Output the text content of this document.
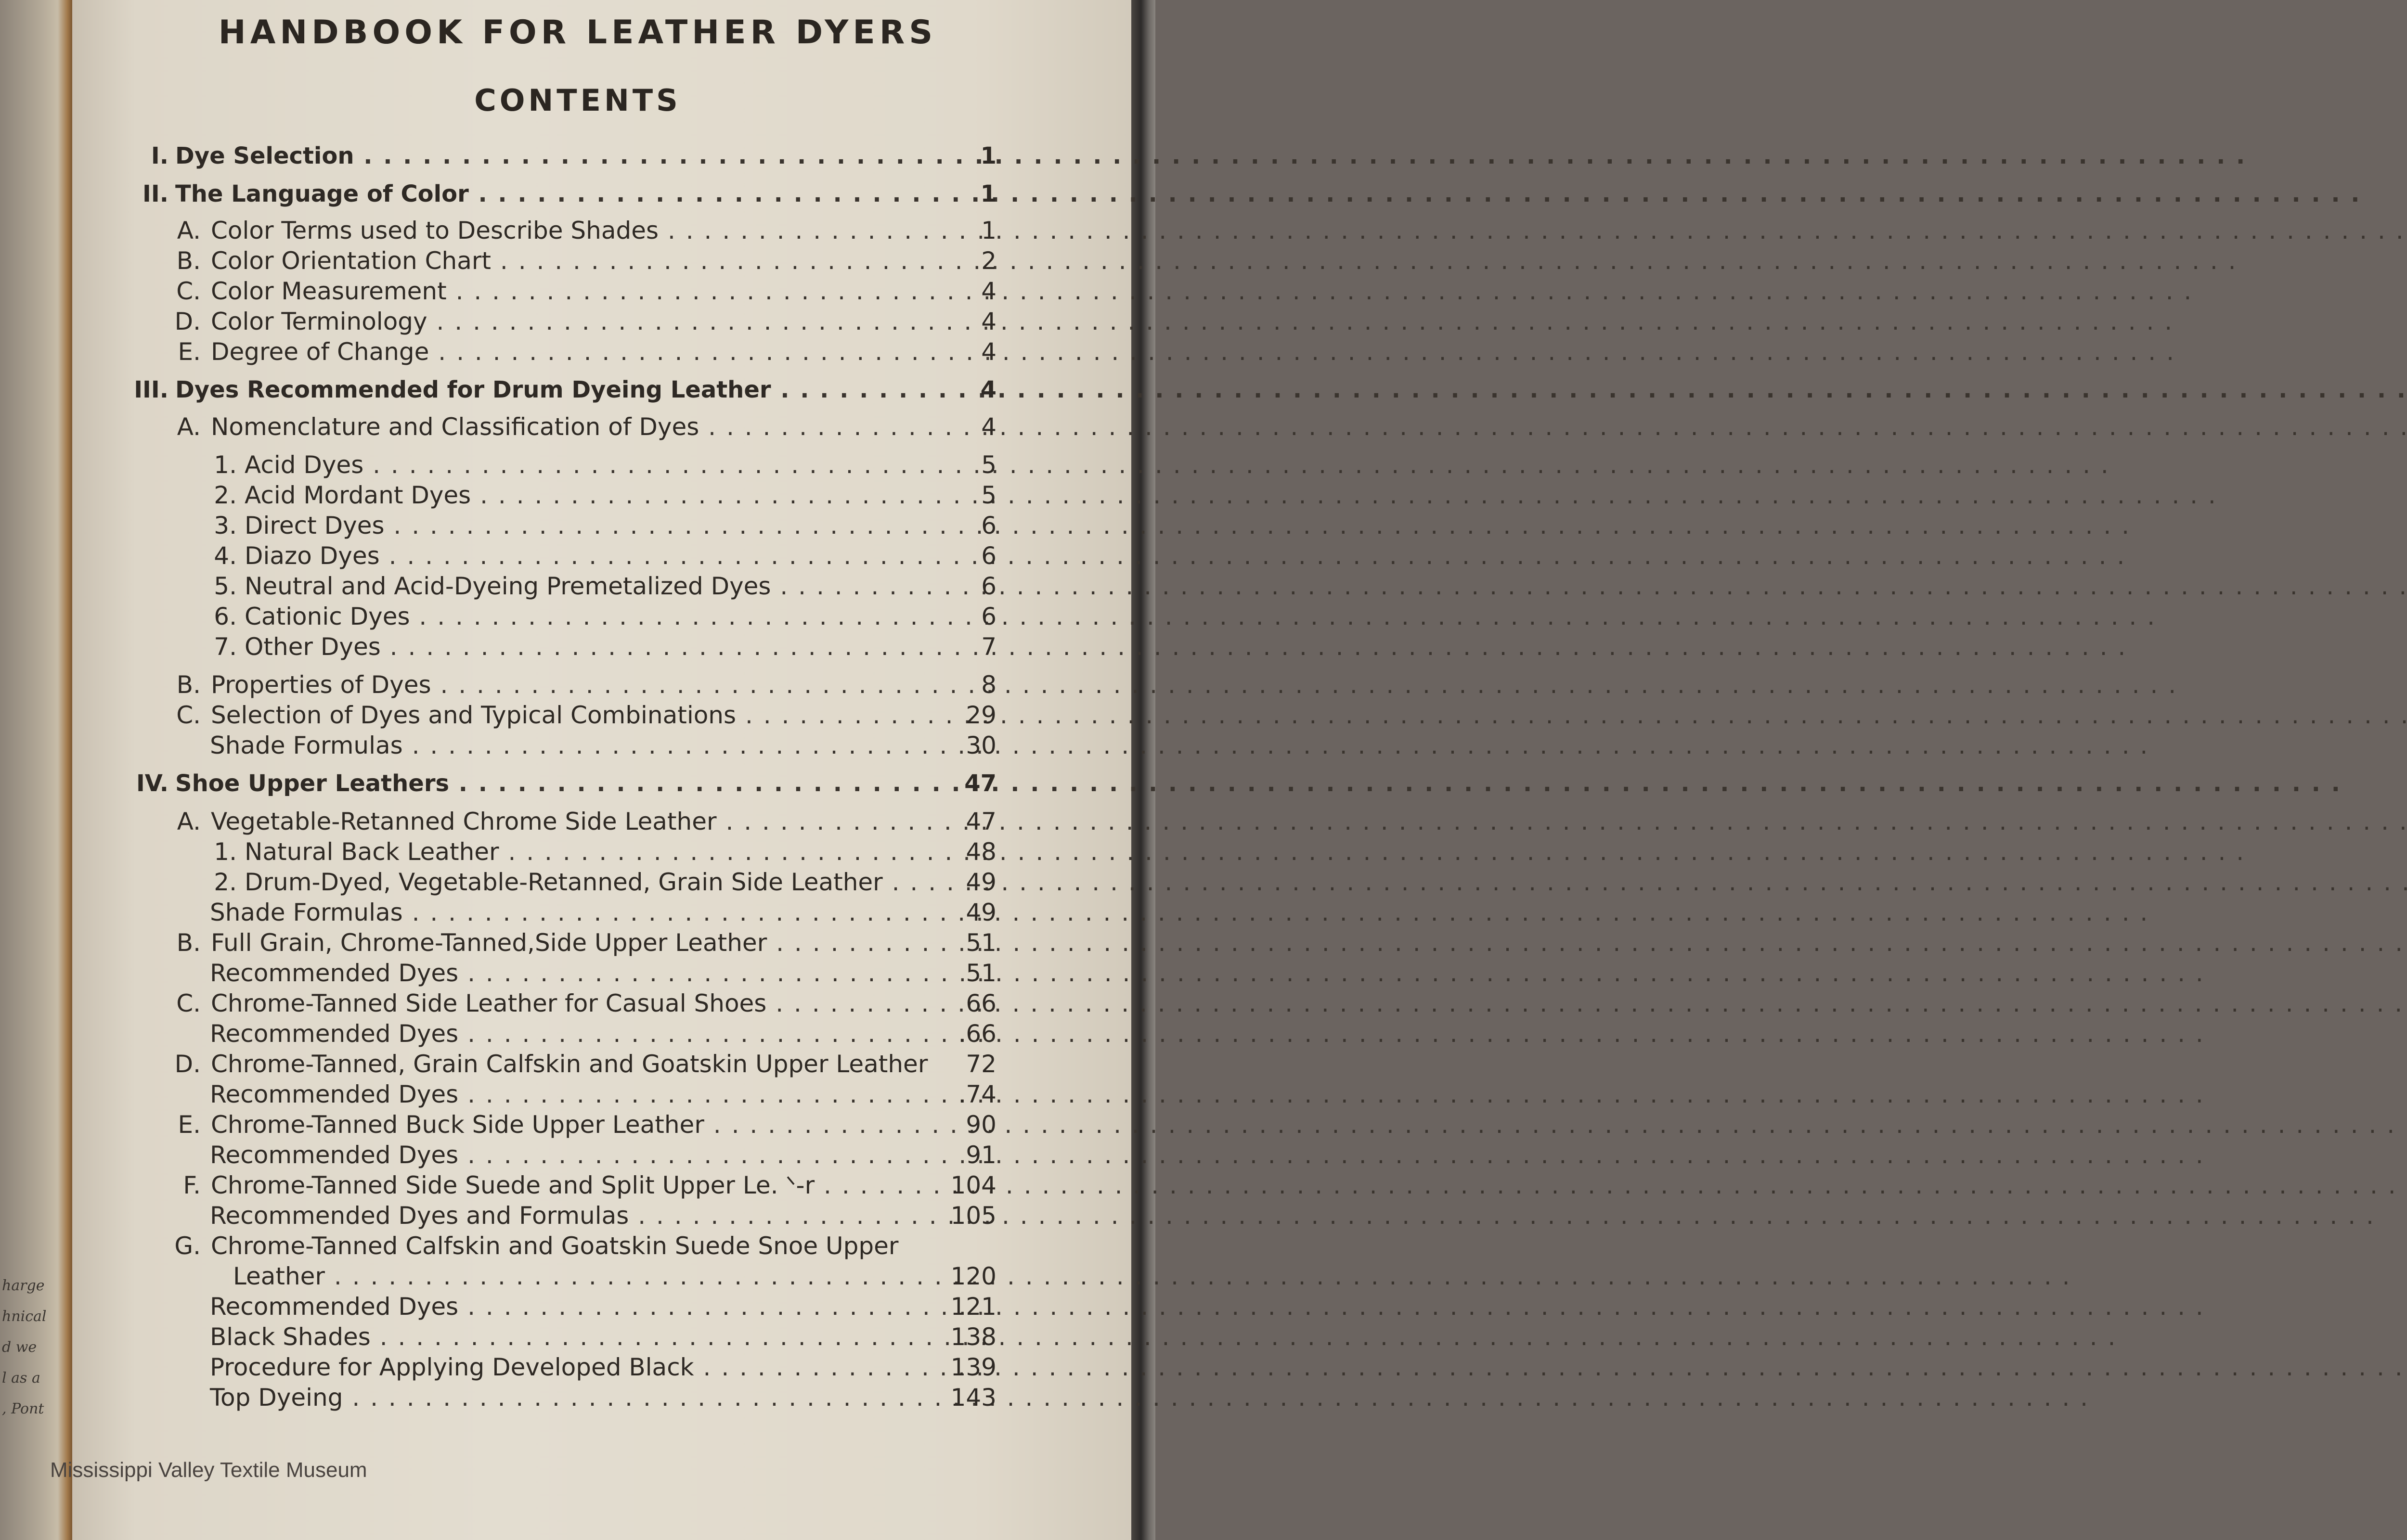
harge
hnical
d we
l as a
, Pont
HANDBOOK FOR LEATHER DYERS
CONTENTS
I. Dye Selection . . .	1
II. The Language of Color . . .	1
A. Color Terms used to Describe Shades . . .	1
B. Color Orientation Chart . . .	2
C. Color Measurement . . .	4
D. Color Terminology . . .	4
E. Degree of Change . . .	4
III. Dyes Recommended for Drum Dyeing Leather . . .	4
A. Nomenclature and Classification of Dyes . . .	4
1. Acid Dyes . . .	5
2. Acid Mordant Dyes . . .	5
3. Direct Dyes . . .	6
4. Diazo Dyes . . .	6
5. Neutral and Acid-Dyeing Premetalized Dyes . . .	6
6. Cationic Dyes . . .	6
7. Other Dyes . . .	7
B. Properties of Dyes . . .	8
C. Selection of Dyes and Typical Combinations . . .	29
Shade Formulas . . .	30
IV. Shoe Upper Leathers . . .	47
A. Vegetable-Retanned Chrome Side Leather . . .	47
1. Natural Back Leather . . .	48
2. Drum-Dyed, Vegetable-Retanned, Grain Side Leather . . .	49
Shade Formulas . . .	49
B. Full Grain, Chrome-Tanned,Side Upper Leather . . .	51
Recommended Dyes . . .	51
C. Chrome-Tanned Side Leather for Casual Shoes . . .	66
Recommended Dyes . . .	.66
D. Chrome-Tanned, Grain Calfskin and Goatskin Upper Leather	72
Recommended Dyes . . .	.74
E. Chrome-Tanned Buck Side Upper Leather . . .	90
Recommended Dyes . . .	91
F. Chrome-Tanned Side Suede and Split Upper Le. ᐠ-r . . .	104
Recommended Dyes and Formulas . . .	105
G. Chrome-Tanned Calfskin and Goatskin Suede Snoe Upper
Leather . . .	120
Recommended Dyes . . .	121
Black Shades . . .	138
Procedure for Applying Developed Black . . .	139
Top Dyeing . . .	143
Mississippi Valley Textile Museum
